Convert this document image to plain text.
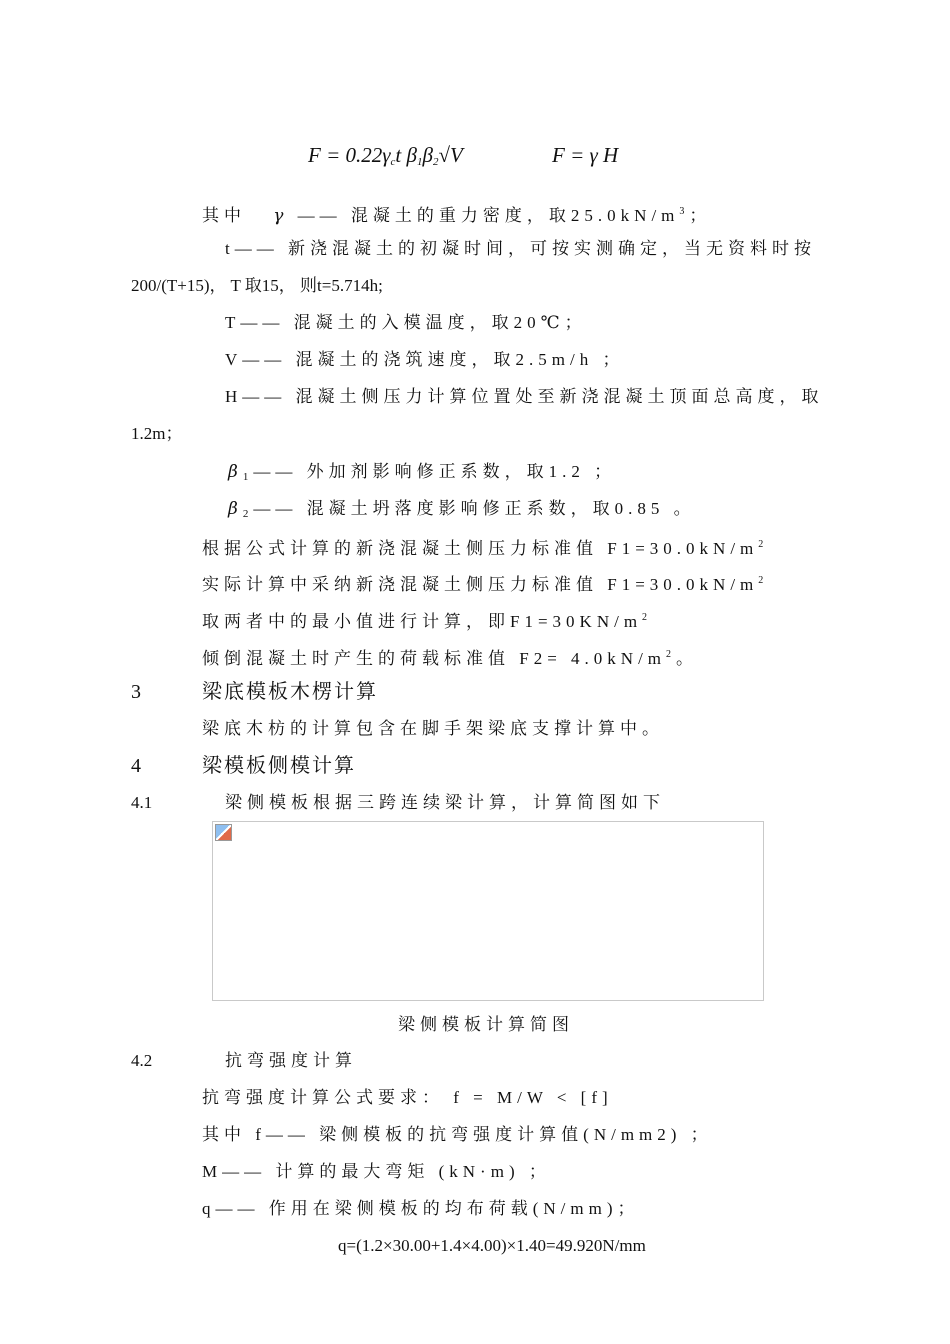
$F = 0.22\gamma_ct$ $\beta_1\beta_2√V$	F = γ H
其中 γ —— 混凝土的重力密度，取$25.0kN/m^3$；
t—— 新浇混凝土的初凝时间，可按实测确定，当无资料时按
200/(T+15)， T 取15， 则t=5.714h;
T—— 混凝土的入模温度，取20℃；
V—— 混凝土的浇筑速度，取2.5m/h ；
H—— 混凝土侧压力计算位置处至新浇混凝土顶面总高度，取
1.2m；
$\beta_1——$ 外加剂影响修正系数，取1.2 ；
$\beta_2——$ 混凝土坍落度影响修正系数，取0.85 。
根据公式计算的新浇混凝土侧压力标准值 $F1=30.0kN/m^2$
实际计算中采纳新浇混凝土侧压力标准值 $F1=30.0kN/m^2$
取两者中的最小值进行计算，即$F1=30KN/m^2$
倾倒混凝土时产生的荷载标准值 $F2= 4.0kN/m^2$。
3	梁底模板木楞计算
梁底木枋的计算包含在脚手架梁底支撑计算中。
4	梁模板侧模计算
4.1	梁侧模板根据三跨连续梁计算，计算简图如下
梁侧模板计算简图
4.2	抗弯强度计算
抗弯强度计算公式要求： f = M/W < [f]
其中 f—— 梁侧模板的抗弯强度计算值(N/mm2) ；
M—— 计算的最大弯矩 (kN·m) ；
q—— 作用在梁侧模板的均布荷载(N/mm)；
q=(1.2×30.00+1.4×4.00)×1.40=49.920N/mm
